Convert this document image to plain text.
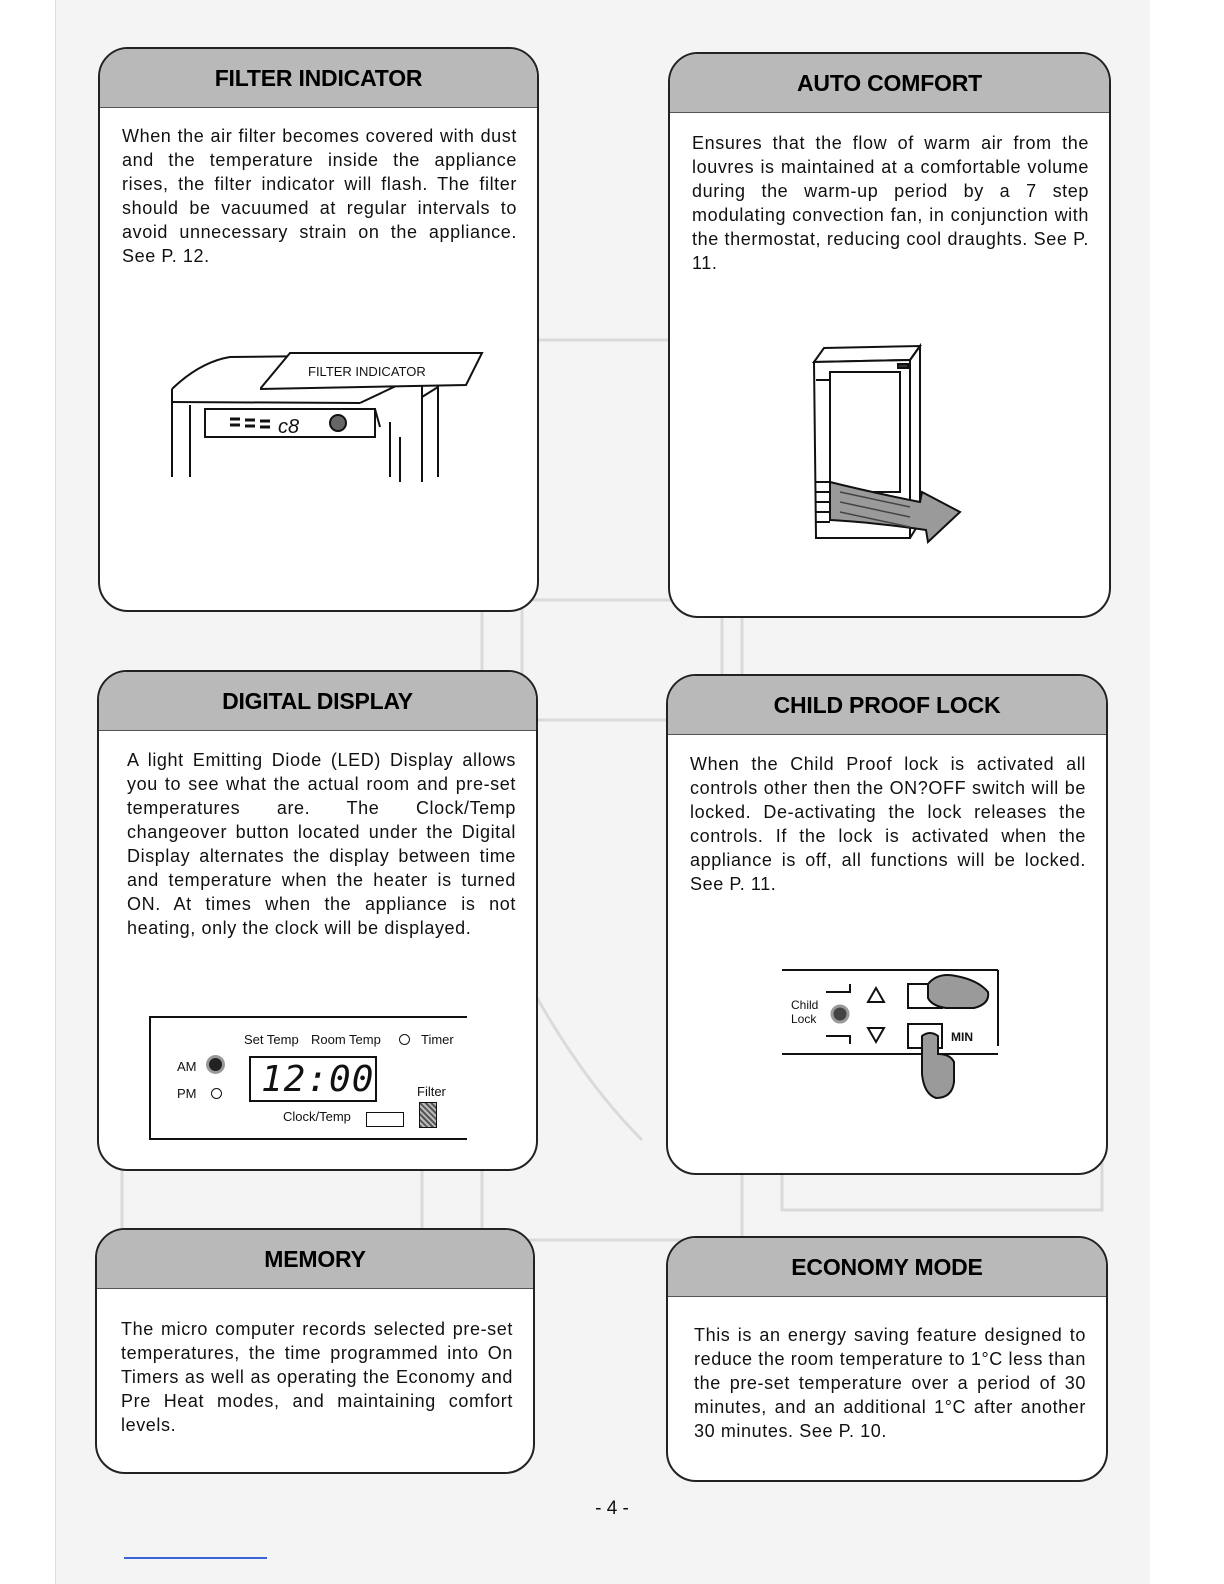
FILTER INDICATOR
When the air filter becomes covered with dust and the temperature inside the appliance rises, the filter indicator will flash. The filter should be vacuumed at regular intervals to avoid unnecessary strain on the appliance. See P. 12.
c8
FILTER INDICATOR
AUTO COMFORT
Ensures that the flow of warm air from the louvres is maintained at a comfortable volume during the warm-up period by a 7 step modulating convection fan, in conjunction with the thermostat, reducing cool draughts. See P. 11.
DIGITAL DISPLAY
A light Emitting Diode (LED) Display allows you to see what the actual room and pre-set temperatures are. The Clock/Temp changeover button located under the Digital Display alternates the display between time and temperature when the heater is turned ON. At times when the appliance is not heating, only the clock will be displayed.
Set Temp Room Temp	Timer
AM
PM 12:00	Filter
Clock/Temp
CHILD PROOF LOCK
When the Child Proof lock is activated all controls other then the ON?OFF switch will be locked. De-activating the lock releases the controls. If the lock is activated when the appliance is off, all functions will be locked. See P. 11.
Child
Lock
MIN
MEMORY
The micro computer records selected pre-set temperatures, the time programmed into On Timers as well as operating the Economy and Pre Heat modes, and maintaining comfort levels.
ECONOMY MODE
This is an energy saving feature designed to reduce the room temperature to 1°C less than the pre-set temperature over a period of 30 minutes, and an additional 1°C after another 30 minutes. See P. 10.
- 4 -
